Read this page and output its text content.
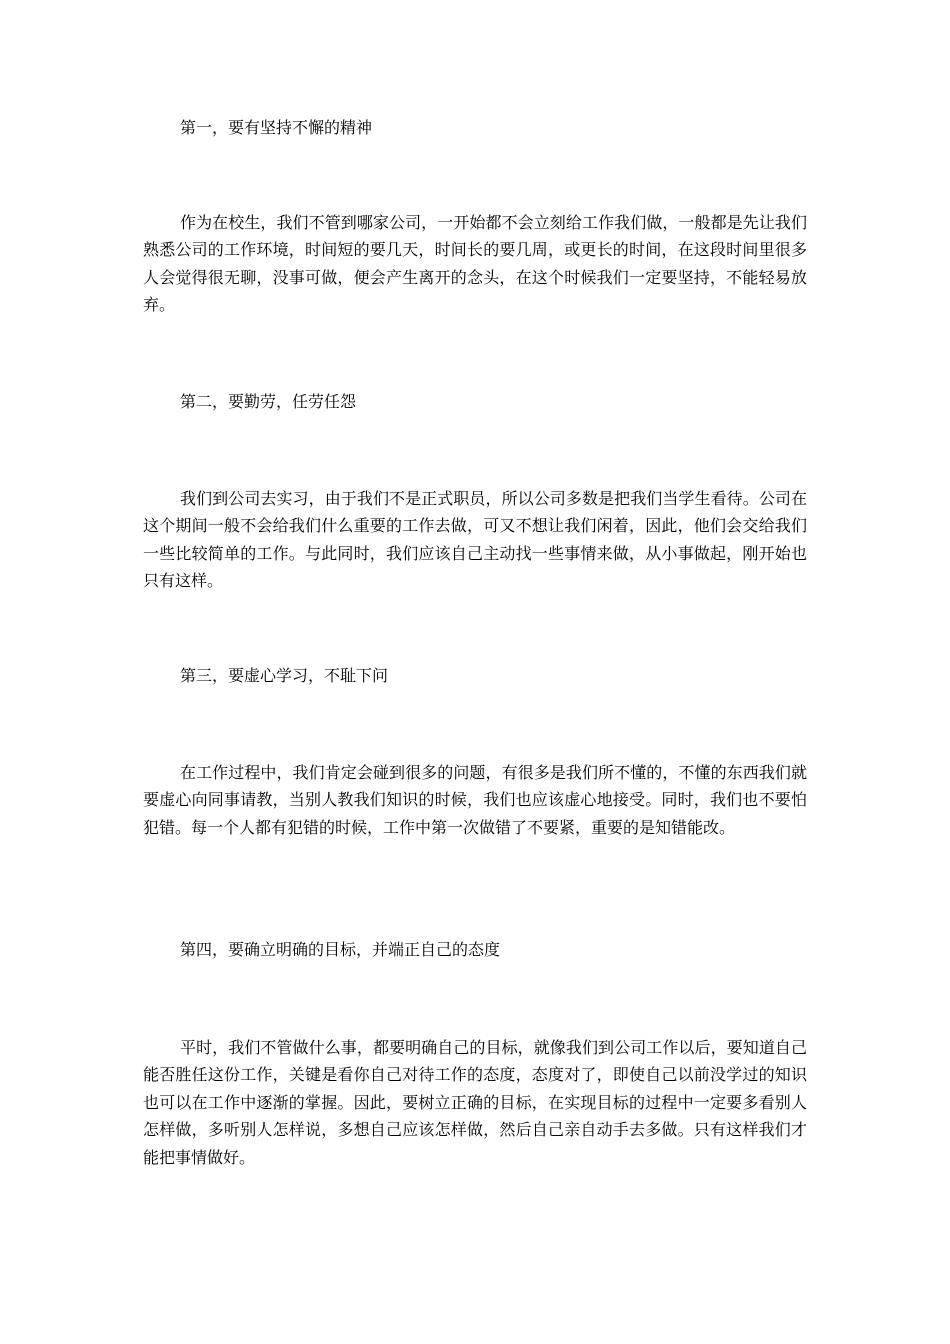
第一，要有坚持不懈的精神

作为在校生，我们不管到哪家公司，一开始都不会立刻给工作我们做，一般都是先让我们熟悉公司的工作环境，时间短的要几天，时间长的要几周，或更长的时间，在这段时间里很多人会觉得很无聊，没事可做，便会产生离开的念头，在这个时候我们一定要坚持，不能轻易放弃。

第二，要勤劳，任劳任怨

我们到公司去实习，由于我们不是正式职员，所以公司多数是把我们当学生看待。公司在这个期间一般不会给我们什么重要的工作去做，可又不想让我们闲着，因此，他们会交给我们一些比较简单的工作。与此同时，我们应该自己主动找一些事情来做，从小事做起，刚开始也只有这样。

第三，要虚心学习，不耻下问

在工作过程中，我们肯定会碰到很多的问题，有很多是我们所不懂的，不懂的东西我们就要虚心向同事请教，当别人教我们知识的时候，我们也应该虚心地接受。同时，我们也不要怕犯错。每一个人都有犯错的时候，工作中第一次做错了不要紧，重要的是知错能改。

第四，要确立明确的目标，并端正自己的态度

平时，我们不管做什么事，都要明确自己的目标，就像我们到公司工作以后，要知道自己能否胜任这份工作，关键是看你自己对待工作的态度，态度对了，即使自己以前没学过的知识也可以在工作中逐渐的掌握。因此，要树立正确的目标，在实现目标的过程中一定要多看别人怎样做，多听别人怎样说，多想自己应该怎样做，然后自己亲自动手去多做。只有这样我们才能把事情做好。
